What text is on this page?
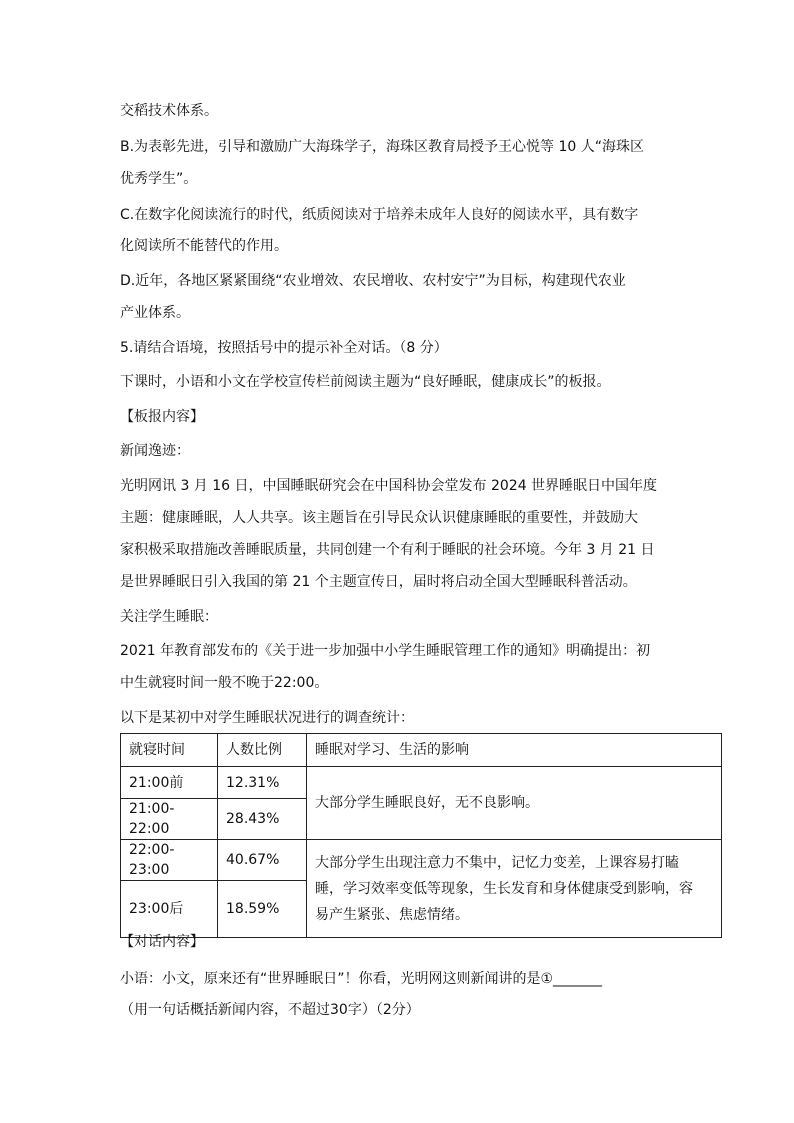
交稻技术体系。
B.为表彰先进，引导和激励广大海珠学子，海珠区教育局授予王心悦等 10 人“海珠区
优秀学生”。
C.在数字化阅读流行的时代，纸质阅读对于培养未成年人良好的阅读水平，具有数字
化阅读所不能替代的作用。
D.近年，各地区紧紧围绕“农业增效、农民增收、农村安宁”为目标，构建现代农业
产业体系。
5.请结合语境，按照括号中的提示补全对话。（8 分）
下课时，小语和小文在学校宣传栏前阅读主题为“良好睡眠，健康成长”的板报。
【板报内容】
新闻逸迹：
光明网讯 3 月 16 日，中国睡眠研究会在中国科协会堂发布 2024 世界睡眠日中国年度
主题：健康睡眠，人人共享。该主题旨在引导民众认识健康睡眠的重要性，并鼓励大
家积极采取措施改善睡眠质量，共同创建一个有利于睡眠的社会环境。今年 3 月 21 日
是世界睡眠日引入我国的第 21 个主题宣传日，届时将启动全国大型睡眠科普活动。
关注学生睡眠：
2021 年教育部发布的《关于进一步加强中小学生睡眠管理工作的通知》明确提出：初
中生就寝时间一般不晚于22:00。
以下是某初中对学生睡眠状况进行的调查统计：
就寝时间	人数比例	睡眠对学习、生活的影响
21:00前	12.31%	大部分学生睡眠良好，无不良影响。
21:00-22:00	28.43%	
22:00-23:00	40.67%	大部分学生出现注意力不集中，记忆力变差，上课容易打瞌
睡，学习效率变低等现象，生长发育和身体健康受到影响，容
易产生紧张、焦虑情绪。

23:00后	18.59%	
【对话内容】
小语：小文，原来还有“世界睡眠日”！你看，光明网这则新闻讲的是①_______
（用一句话概括新闻内容，不超过30字）（2分）
